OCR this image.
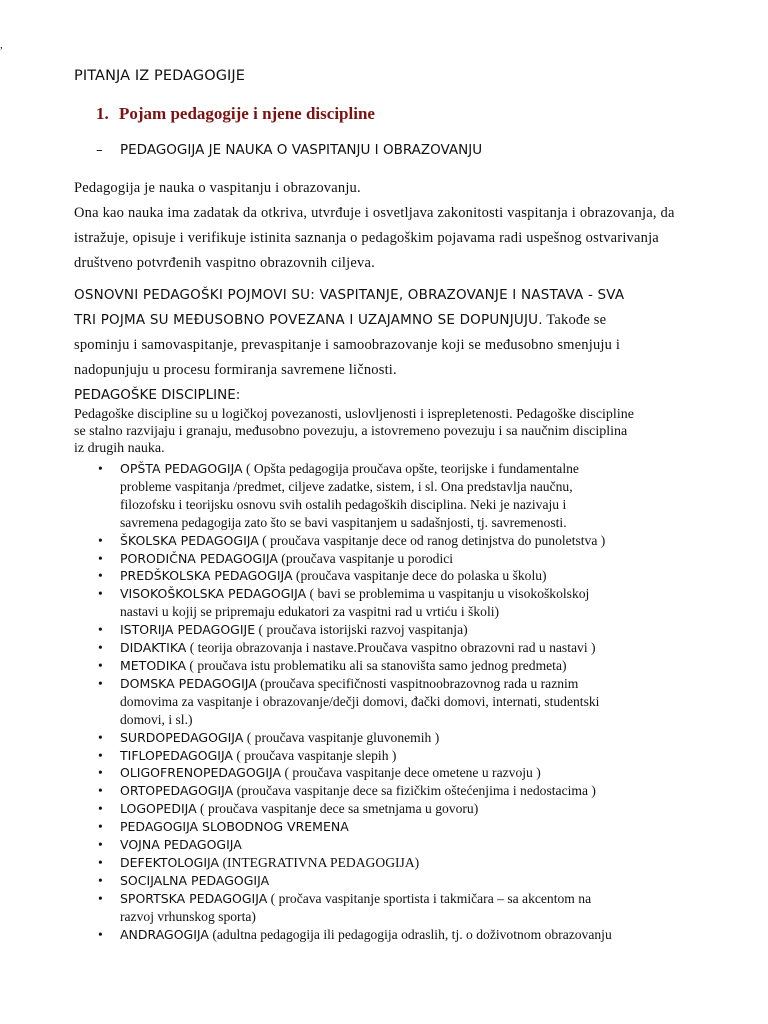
,
PITANJA IZ PEDAGOGIJE
1. Pojam pedagogije i njene discipline
– PEDAGOGIJA JE NAUKA O VASPITANJU I OBRAZOVANJU
Pedagogija je nauka o vaspitanju i obrazovanju.
Ona kao nauka ima zadatak da otkriva, utvrđuje i osvetljava zakonitosti vaspitanja i obrazovanja, da
istražuje, opisuje i verifikuje istinita saznanja o pedagoškim pojavama radi uspešnog ostvarivanja
društveno potvrđenih vaspitno obrazovnih ciljeva.
OSNOVNI PEDAGOŠKI POJMOVI SU: VASPITANJE, OBRAZOVANJE I NASTAVA - SVA
TRI POJMA SU MEĐUSOBNO POVEZANA I UZAJAMNO SE DOPUNJUJU. Takođe se
spominju i samovaspitanje, prevaspitanje i samoobrazovanje koji se međusobno smenjuju i
nadopunjuju u procesu formiranja savremene ličnosti.
PEDAGOŠKE DISCIPLINE:
Pedagoške discipline su u logičkoj povezanosti, uslovljenosti i isprepletenosti. Pedagoške discipline
se stalno razvijaju i granaju, međusobno povezuju, a istovremeno povezuju i sa naučnim disciplina
iz drugih nauka.
• OPŠTA PEDAGOGIJA ( Opšta pedagogija proučava opšte, teorijske i fundamentalne
probleme vaspitanja /predmet, ciljeve zadatke, sistem, i sl. Ona predstavlja naučnu,
filozofsku i teorijsku osnovu svih ostalih pedagoških disciplina. Neki je nazivaju i
savremena pedagogija zato što se bavi vaspitanjem u sadašnjosti, tj. savremenosti.
• ŠKOLSKA PEDAGOGIJA ( proučava vaspitanje dece od ranog detinjstva do punoletstva )
• PORODIČNA PEDAGOGIJA (proučava vaspitanje u porodici
• PREDŠKOLSKA PEDAGOGIJA (proučava vaspitanje dece do polaska u školu)
• VISOKOŠKOLSKA PEDAGOGIJA ( bavi se problemima u vaspitanju u visokoškolskoj
nastavi u kojij se pripremaju edukatori za vaspitni rad u vrtiću i školi)
• ISTORIJA PEDAGOGIJE ( proučava istorijski razvoj vaspitanja)
• DIDAKTIKA ( teorija obrazovanja i nastave.Proučava vaspitno obrazovni rad u nastavi )
• METODIKA ( proučava istu problematiku ali sa stanovišta samo jednog predmeta)
• DOMSKA PEDAGOGIJA (proučava specifičnosti vaspitnoobrazovnog rada u raznim
domovima za vaspitanje i obrazovanje/dečji domovi, đački domovi, internati, studentski
domovi, i sl.)
• SURDOPEDAGOGIJA ( proučava vaspitanje gluvonemih )
• TIFLOPEDAGOGIJA ( proučava vaspitanje slepih )
• OLIGOFRENOPEDAGOGIJA ( proučava vaspitanje dece ometene u razvoju )
• ORTOPEDAGOGIJA (proučava vaspitanje dece sa fizičkim oštećenjima i nedostacima )
• LOGOPEDIJA ( proučava vaspitanje dece sa smetnjama u govoru)
• PEDAGOGIJA SLOBODNOG VREMENA
• VOJNA PEDAGOGIJA
• DEFEKTOLOGIJA (INTEGRATIVNA PEDAGOGIJA)
• SOCIJALNA PEDAGOGIJA
• SPORTSKA PEDAGOGIJA ( pročava vaspitanje sportista i takmičara – sa akcentom na
razvoj vrhunskog sporta)
• ANDRAGOGIJA (adultna pedagogija ili pedagogija odraslih, tj. o doživotnom obrazovanju
